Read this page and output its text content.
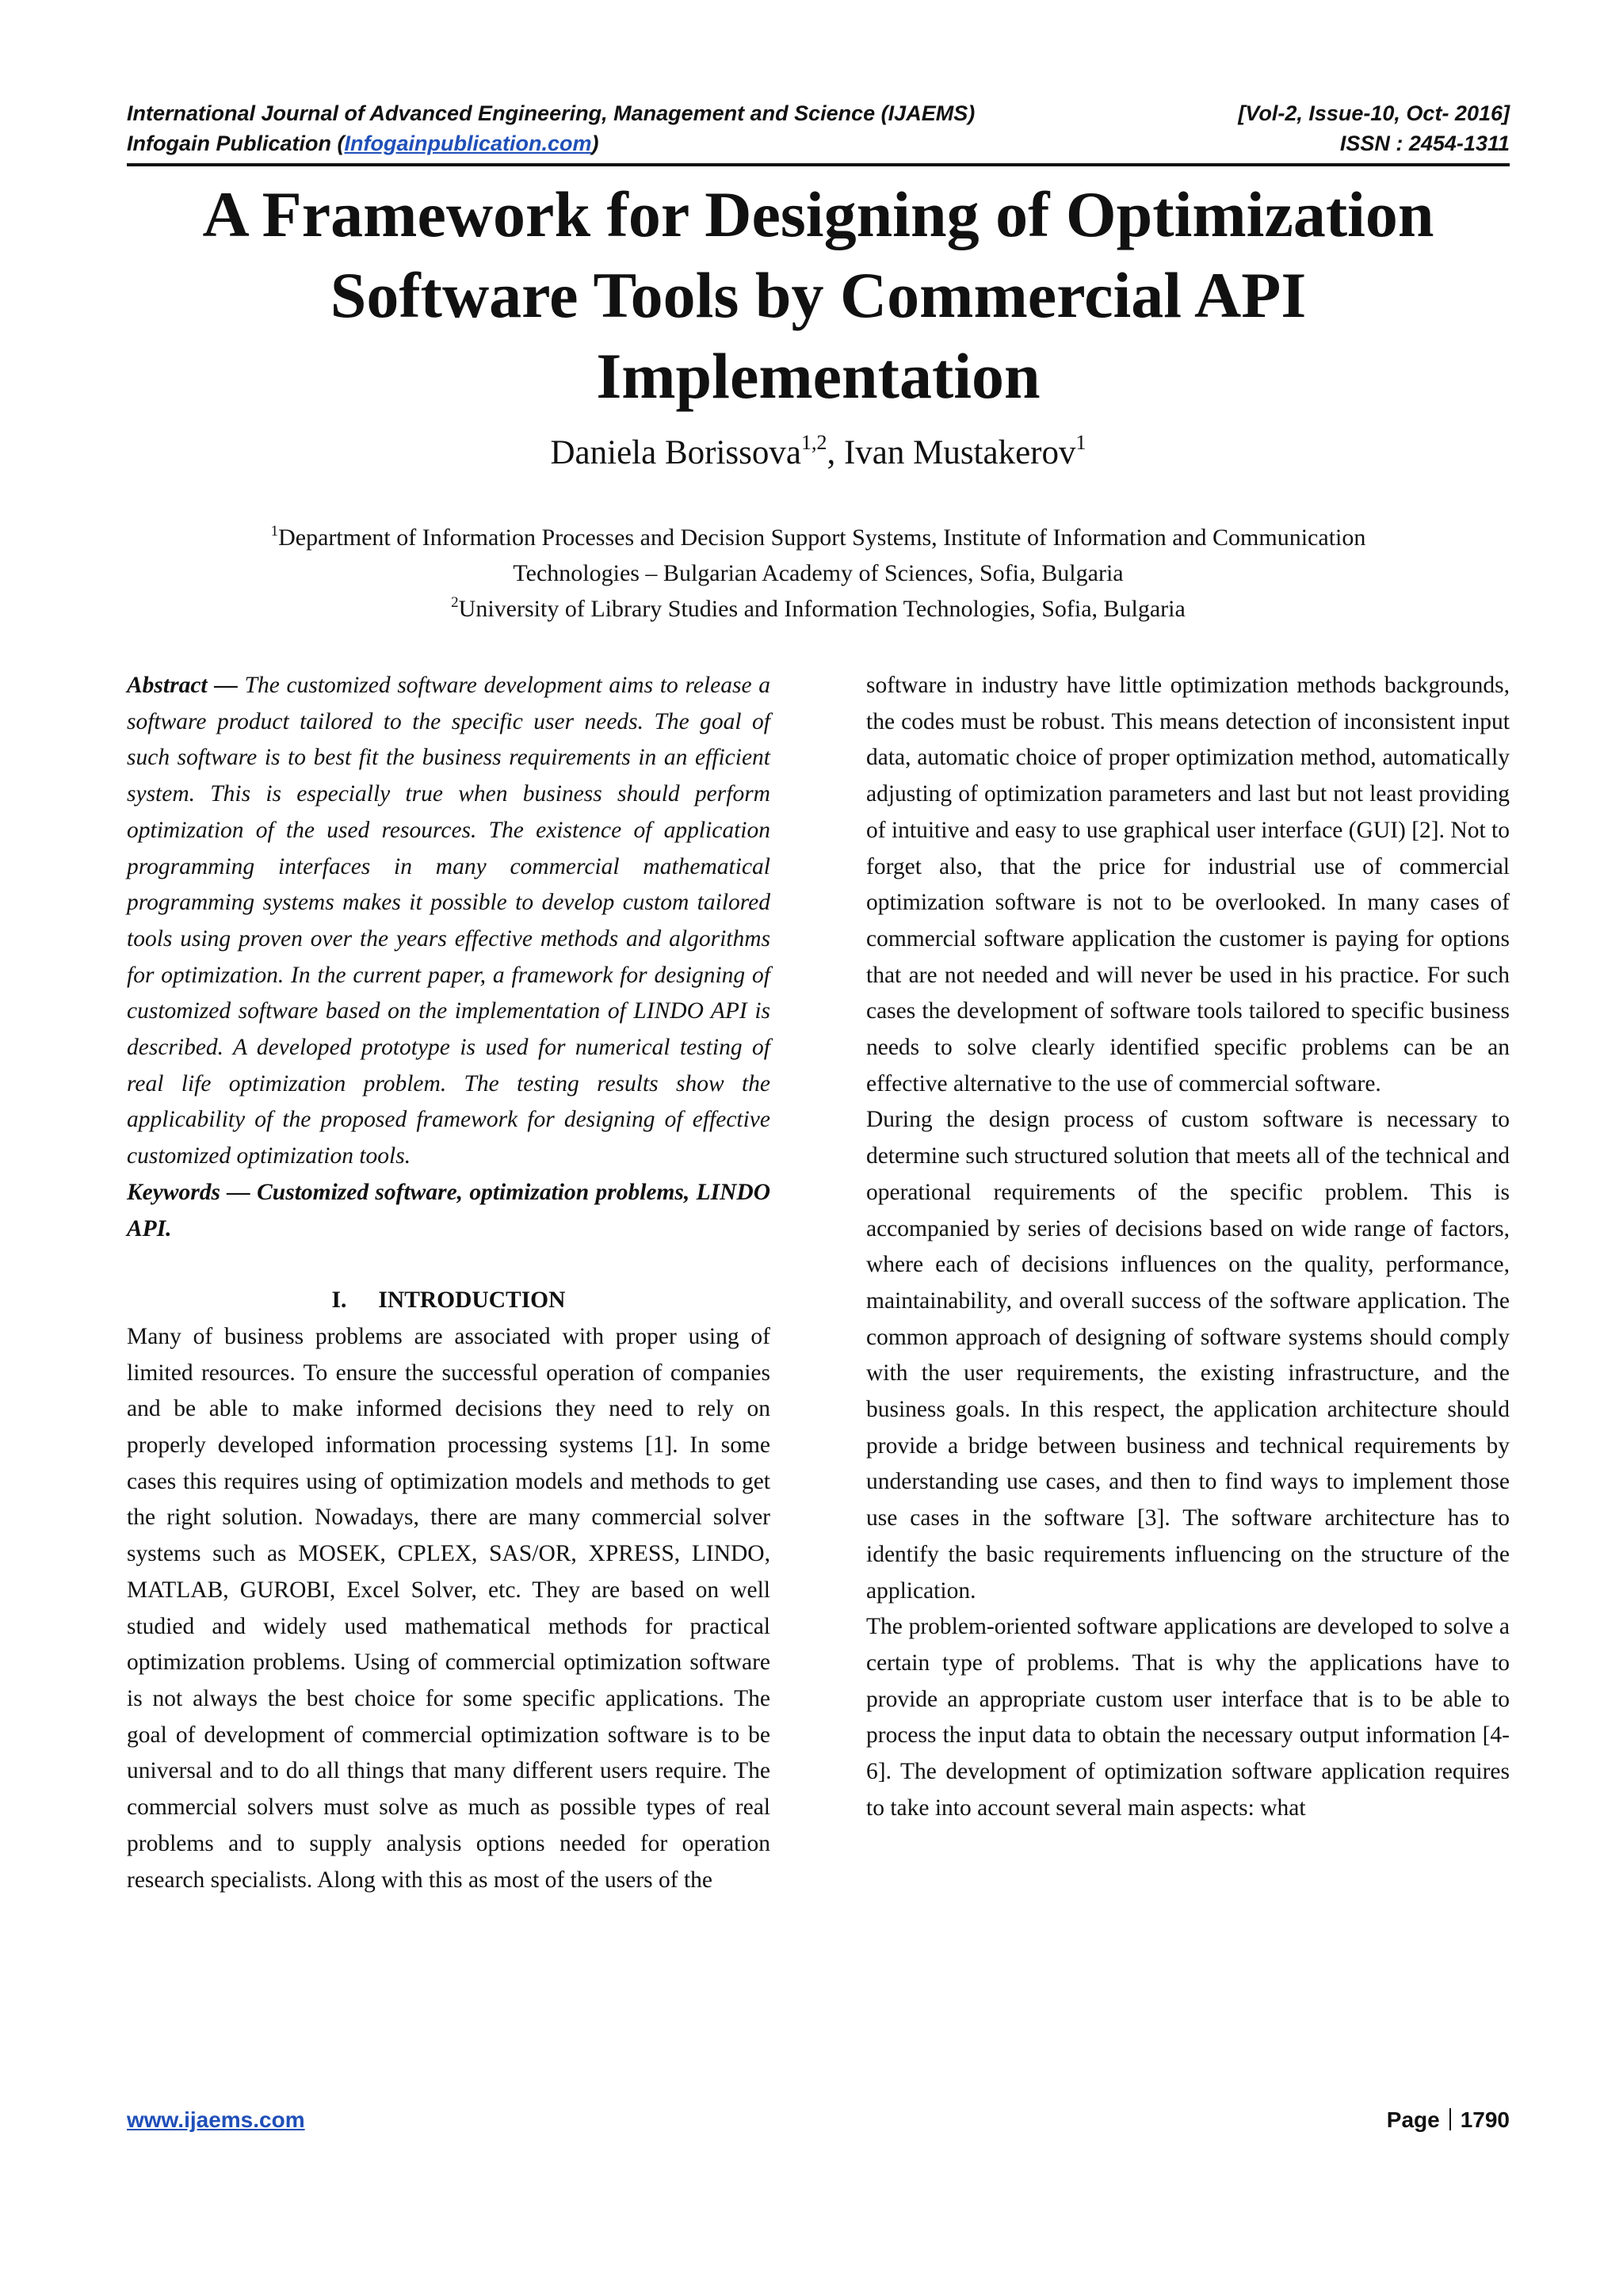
International Journal of Advanced Engineering, Management and Science (IJAEMS)	[Vol-2, Issue-10, Oct- 2016]
Infogain Publication (Infogainpublication.com)	ISSN : 2454-1311
A Framework for Designing of Optimization
Software Tools by Commercial API
Implementation
Daniela Borissova$^{1,2}$, Ivan Mustakerov$^1$
$^1$Department of Information Processes and Decision Support Systems, Institute of Information and Communication
Technologies – Bulgarian Academy of Sciences, Sofia, Bulgaria
$^2$University of Library Studies and Information Technologies, Sofia, Bulgaria

Abstract — The customized software development aims to release a software product tailored to the specific user needs. The goal of such software is to best fit the business requirements in an efficient system. This is especially true when business should perform optimization of the used resources. The existence of application programming interfaces in many commercial mathematical programming systems makes it possible to develop custom tailored tools using proven over the years effective methods and algorithms for optimization. In the current paper, a framework for designing of customized software based on the implementation of LINDO API is described. A developed prototype is used for numerical testing of real life optimization problem. The testing results show the applicability of the proposed framework for designing of effective customized optimization tools.

Keywords — Customized software, optimization problems, LINDO API.

I. INTRODUCTION

Many of business problems are associated with proper using of limited resources. To ensure the successful operation of companies and be able to make informed decisions they need to rely on properly developed information processing systems [1]. In some cases this requires using of optimization models and methods to get the right solution. Nowadays, there are many commercial solver systems such as MOSEK, CPLEX, SAS/OR, XPRESS, LINDO, MATLAB, GUROBI, Excel Solver, etc. They are based on well studied and widely used mathematical methods for practical optimization problems. Using of commercial optimization software is not always the best choice for some specific applications. The goal of development of commercial optimization software is to be universal and to do all things that many different users require. The commercial solvers must solve as much as possible types of real problems and to supply analysis options needed for operation research specialists. Along with this as most of the users of the

software in industry have little optimization methods backgrounds, the codes must be robust. This means detection of inconsistent input data, automatic choice of proper optimization method, automatically adjusting of optimization parameters and last but not least providing of intuitive and easy to use graphical user interface (GUI) [2]. Not to forget also, that the price for industrial use of commercial optimization software is not to be overlooked. In many cases of commercial software application the customer is paying for options that are not needed and will never be used in his practice. For such cases the development of software tools tailored to specific business needs to solve clearly identified specific problems can be an effective alternative to the use of commercial software.

During the design process of custom software is necessary to determine such structured solution that meets all of the technical and operational requirements of the specific problem. This is accompanied by series of decisions based on wide range of factors, where each of decisions influences on the quality, performance, maintainability, and overall success of the software application. The common approach of designing of software systems should comply with the user requirements, the existing infrastructure, and the business goals. In this respect, the application architecture should provide a bridge between business and technical requirements by understanding use cases, and then to find ways to implement those use cases in the software [3]. The software architecture has to identify the basic requirements influencing on the structure of the application.

The problem-oriented software applications are developed to solve a certain type of problems. That is why the applications have to provide an appropriate custom user interface that is to be able to process the input data to obtain the necessary output information [4-6]. The development of optimization software application requires to take into account several main aspects: what

www.ijaems.com	Page 1790
